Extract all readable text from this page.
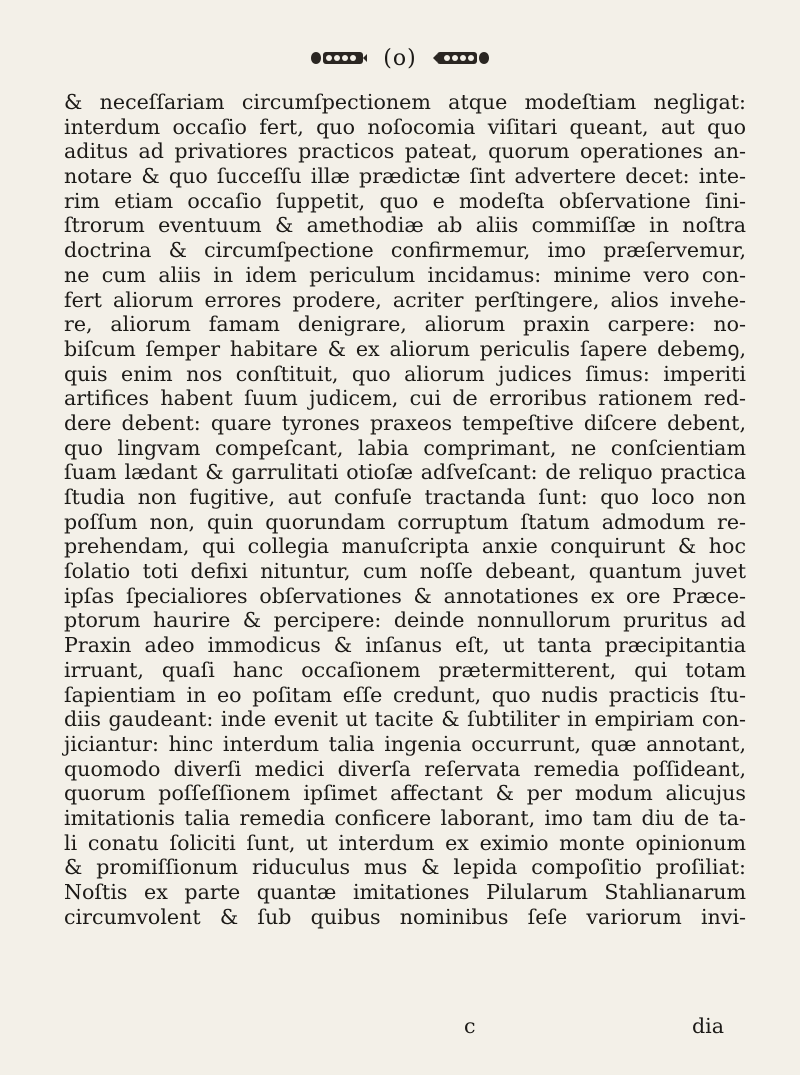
(o)
& neceſſariam circumſpectionem atque modeſtiam negligat:
interdum occaſio fert, quo noſocomia viſitari queant, aut quo
aditus ad privatiores practicos pateat, quorum operationes an-
notare & quo ſucceſſu illæ prædictæ ſint advertere decet: inte-
rim etiam occaſio ſuppetit, quo e modeſta obſervatione ſini-
ſtrorum eventuum & amethodiæ ab aliis commiſſæ in noſtra
doctrina & circumſpectione confirmemur, imo præſervemur,
ne cum aliis in idem periculum incidamus: minime vero con-
fert aliorum errores prodere, acriter perſtingere, alios invehe-
re, aliorum famam denigrare, aliorum praxin carpere: no-
biſcum ſemper habitare & ex aliorum periculis ſapere debemꝯ,
quis enim nos conſtituit, quo aliorum judices ſimus: imperiti
artifices habent ſuum judicem, cui de erroribus rationem red-
dere debent: quare tyrones praxeos tempeſtive diſcere debent,
quo lingvam compeſcant, labia comprimant, ne conſcientiam
ſuam lædant & garrulitati otioſæ adſveſcant: de reliquo practica
ſtudia non fugitive, aut confuſe tractanda ſunt: quo loco non
poſſum non, quin quorundam corruptum ſtatum admodum re-
prehendam, qui collegia manuſcripta anxie conquirunt & hoc
ſolatio toti defixi nituntur, cum noſſe debeant, quantum juvet
ipſas ſpecialiores obſervationes & annotationes ex ore Præce-
ptorum haurire & percipere: deinde nonnullorum pruritus ad
Praxin adeo immodicus & inſanus eſt, ut tanta præcipitantia
irruant, quaſi hanc occaſionem prætermitterent, qui totam
ſapientiam in eo poſitam eſſe credunt, quo nudis practicis ſtu-
diis gaudeant: inde evenit ut tacite & ſubtiliter in empiriam con-
jiciantur: hinc interdum talia ingenia occurrunt, quæ annotant,
quomodo diverſi medici diverſa reſervata remedia poſſideant,
quorum poſſeſſionem ipſimet affectant & per modum alicujus
imitationis talia remedia conficere laborant, imo tam diu de ta-
li conatu ſoliciti ſunt, ut interdum ex eximio monte opinionum
& promiſſionum riduculus mus & lepida compoſitio proſiliat:
Noſtis ex parte quantæ imitationes Pilularum Stahlianarum
circumvolent & ſub quibus nominibus ſeſe variorum invi-
c	dia
